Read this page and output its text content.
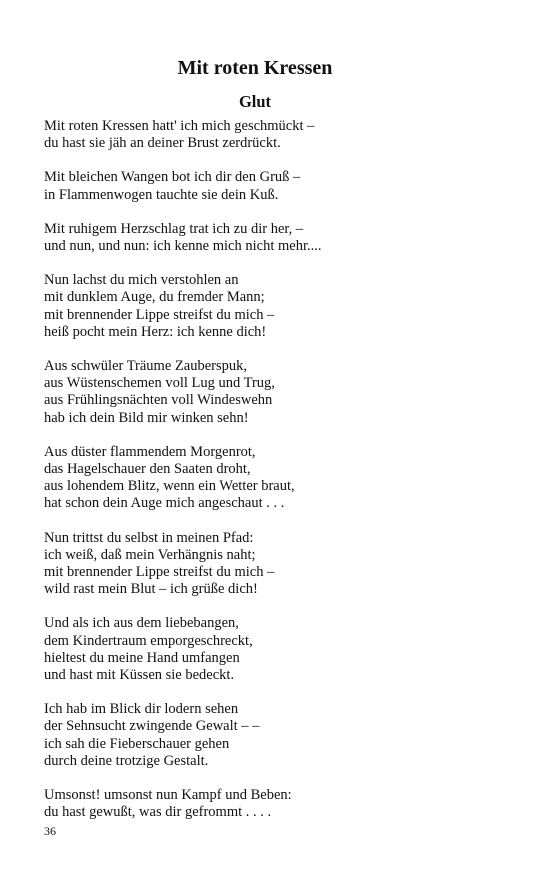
Mit roten Kressen
Glut
Mit roten Kressen hatt' ich mich geschmückt –
du hast sie jäh an deiner Brust zerdrückt.
Mit bleichen Wangen bot ich dir den Gruß –
in Flammenwogen tauchte sie dein Kuß.
Mit ruhigem Herzschlag trat ich zu dir her, –
und nun, und nun: ich kenne mich nicht mehr....
Nun lachst du mich verstohlen an
mit dunklem Auge, du fremder Mann;
mit brennender Lippe streifst du mich –
heiß pocht mein Herz: ich kenne dich!
Aus schwüler Träume Zauberspuk,
aus Wüstenschemen voll Lug und Trug,
aus Frühlingsnächten voll Windeswehn
hab ich dein Bild mir winken sehn!
Aus düster flammendem Morgenrot,
das Hagelschauer den Saaten droht,
aus lohendem Blitz, wenn ein Wetter braut,
hat schon dein Auge mich angeschaut . . .
Nun trittst du selbst in meinen Pfad:
ich weiß, daß mein Verhängnis naht;
mit brennender Lippe streifst du mich –
wild rast mein Blut – ich grüße dich!
Und als ich aus dem liebebangen,
dem Kindertraum emporgeschreckt,
hieltest du meine Hand umfangen
und hast mit Küssen sie bedeckt.
Ich hab im Blick dir lodern sehen
der Sehnsucht zwingende Gewalt – –
ich sah die Fieberschauer gehen
durch deine trotzige Gestalt.
Umsonst! umsonst nun Kampf und Beben:
du hast gewußt, was dir gefrommt . . . .
36
